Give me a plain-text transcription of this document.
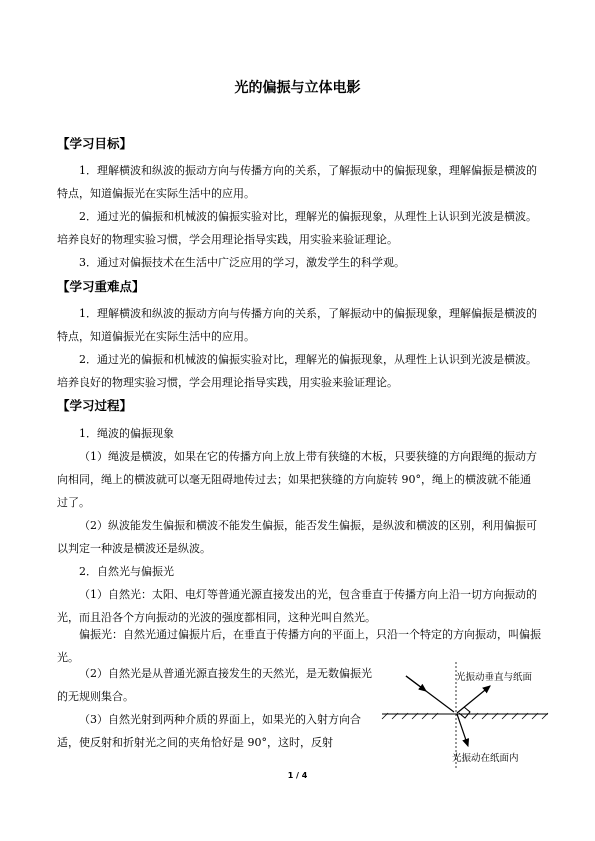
光的偏振与立体电影
【学习目标】

1．理解横波和纵波的振动方向与传播方向的关系，了解振动中的偏振现象，理解偏振是横波的特点，知道偏振光在实际生活中的应用。

2．通过光的偏振和机械波的偏振实验对比，理解光的偏振现象，从理性上认识到光波是横波。培养良好的物理实验习惯，学会用理论指导实践，用实验来验证理论。

3．通过对偏振技术在生活中广泛应用的学习，激发学生的科学观。

【学习重难点】

1．理解横波和纵波的振动方向与传播方向的关系，了解振动中的偏振现象，理解偏振是横波的特点，知道偏振光在实际生活中的应用。

2．通过光的偏振和机械波的偏振实验对比，理解光的偏振现象，从理性上认识到光波是横波。培养良好的物理实验习惯，学会用理论指导实践，用实验来验证理论。

【学习过程】
1．绳波的偏振现象

（1）绳波是横波，如果在它的传播方向上放上带有狭缝的木板，只要狭缝的方向跟绳的振动方向相同，绳上的横波就可以毫无阻碍地传过去；如果把狭缝的方向旋转 90°，绳上的横波就不能通过了。

（2）纵波能发生偏振和横波不能发生偏振，能否发生偏振，是纵波和横波的区别，利用偏振可以判定一种波是横波还是纵波。

2．自然光与偏振光

（1）自然光：太阳、电灯等普通光源直接发出的光，包含垂直于传播方向上沿一切方向振动的光，而且沿各个方向振动的光波的强度都相同，这种光叫自然光。

偏振光：自然光通过偏振片后，在垂直于传播方向的平面上，只沿一个特定的方向振动，叫偏振光。

（2）自然光是从普通光源直接发生的天然光，是无数偏振光的无规则集合。

（3）自然光射到两种介质的界面上，如果光的入射方向合适，使反射和折射光之间的夹角恰好是 90°，这时，反射

光振动垂直与纸面
光振动在纸面内
1 / 4
